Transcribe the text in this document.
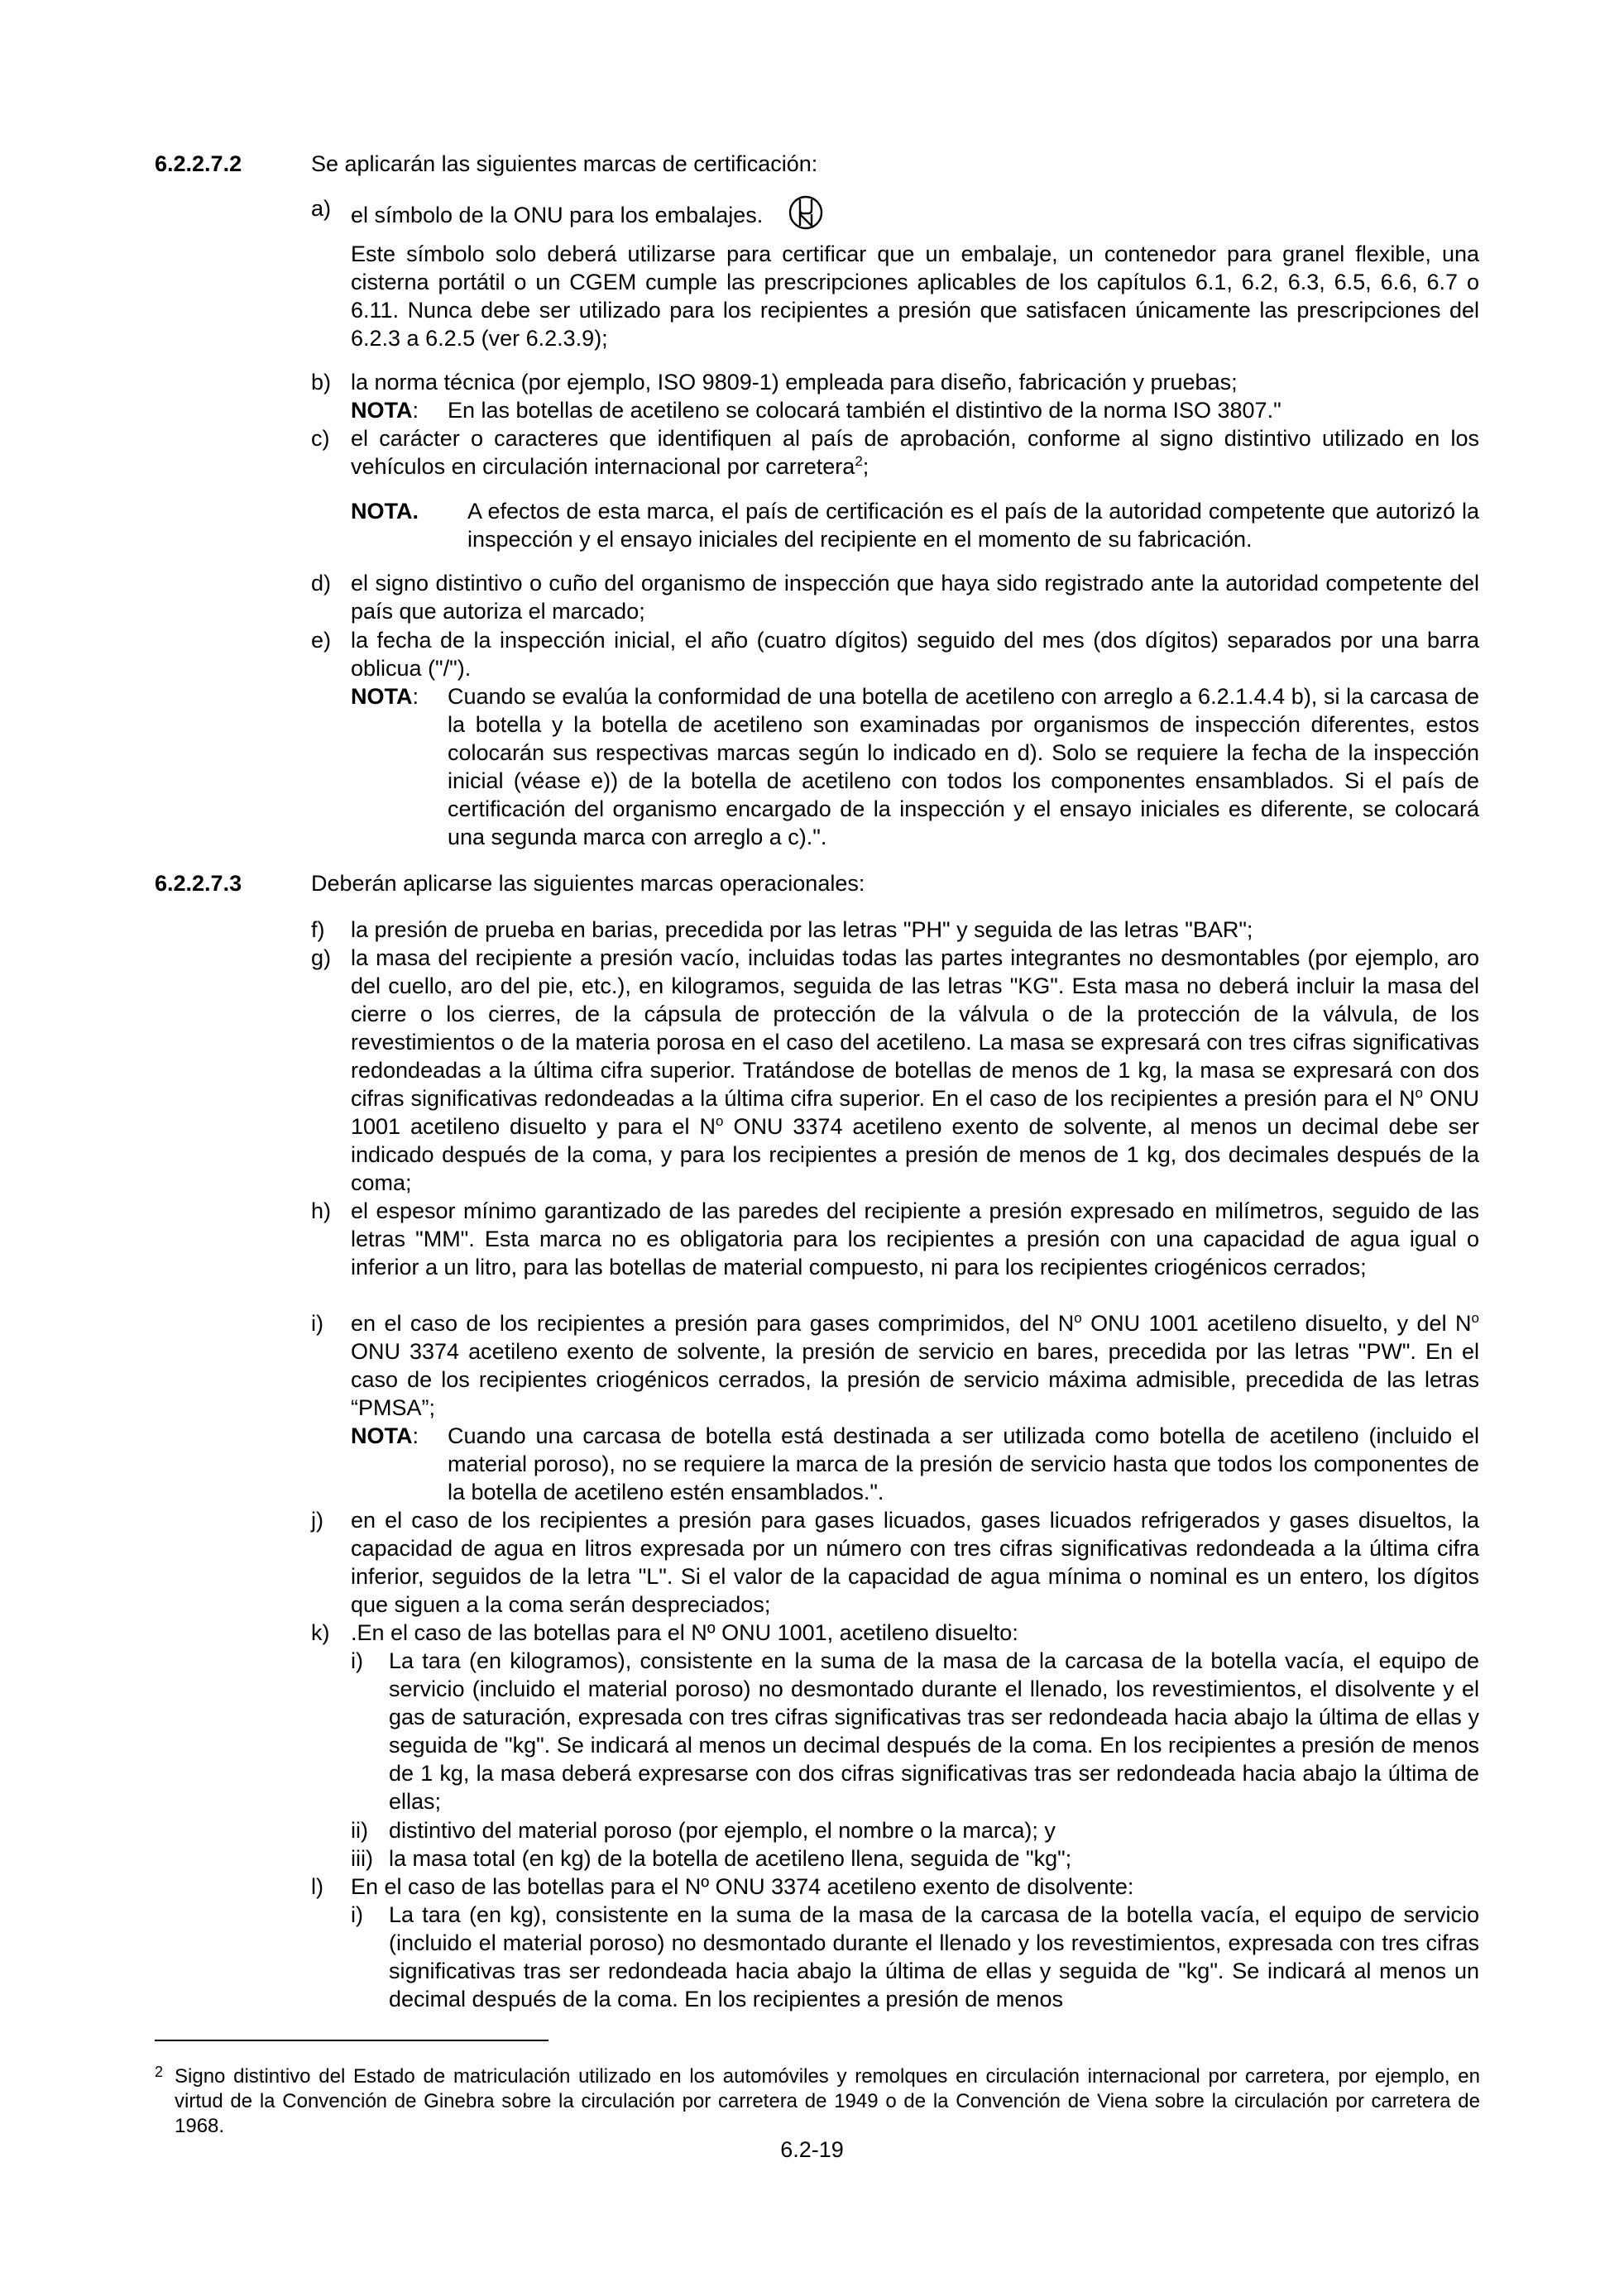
6.2.2.7.2	Se aplicarán las siguientes marcas de certificación:
a) el símbolo de la ONU para los embalajes.

Este símbolo solo deberá utilizarse para certificar que un embalaje, un contenedor para granel flexible, una cisterna portátil o un CGEM cumple las prescripciones aplicables de los capítulos 6.1, 6.2, 6.3, 6.5, 6.6, 6.7 o 6.11. Nunca debe ser utilizado para los recipientes a presión que satisfacen únicamente las prescripciones del 6.2.3 a 6.2.5 (ver 6.2.3.9);

b) la norma técnica (por ejemplo, ISO 9809-1) empleada para diseño, fabricación y pruebas;

NOTA: En las botellas de acetileno se colocará también el distintivo de la norma ISO 3807."

c) el carácter o caracteres que identifiquen al país de aprobación, conforme al signo distintivo utilizado en los vehículos en circulación internacional por carretera$^2$;

NOTA. A efectos de esta marca, el país de certificación es el país de la autoridad competente que autorizó la inspección y el ensayo iniciales del recipiente en el momento de su fabricación.

d) el signo distintivo o cuño del organismo de inspección que haya sido registrado ante la autoridad competente del país que autoriza el marcado;

e) la fecha de la inspección inicial, el año (cuatro dígitos) seguido del mes (dos dígitos) separados por una barra oblicua ("/").

NOTA: Cuando se evalúa la conformidad de una botella de acetileno con arreglo a 6.2.1.4.4 b), si la carcasa de la botella y la botella de acetileno son examinadas por organismos de inspección diferentes, estos colocarán sus respectivas marcas según lo indicado en d). Solo se requiere la fecha de la inspección inicial (véase e)) de la botella de acetileno con todos los componentes ensamblados. Si el país de certificación del organismo encargado de la inspección y el ensayo iniciales es diferente, se colocará una segunda marca con arreglo a c).".

6.2.2.7.3	Deberán aplicarse las siguientes marcas operacionales:
f)	la presión de prueba en barias, precedida por las letras "PH" y seguida de las letras "BAR";

g) la masa del recipiente a presión vacío, incluidas todas las partes integrantes no desmontables (por ejemplo, aro del cuello, aro del pie, etc.), en kilogramos, seguida de las letras "KG". Esta masa no deberá incluir la masa del cierre o los cierres, de la cápsula de protección de la válvula o de la protección de la válvula, de los revestimientos o de la materia porosa en el caso del acetileno. La masa se expresará con tres cifras significativas redondeadas a la última cifra superior. Tratándose de botellas de menos de 1 kg, la masa se expresará con dos cifras significativas redondeadas a la última cifra superior. En el caso de los recipientes a presión para el $N^o$ ONU 1001 acetileno disuelto y para el $N^o$ ONU 3374 acetileno exento de solvente, al menos un decimal debe ser indicado después de la coma, y para los recipientes a presión de menos de 1 kg, dos decimales después de la coma;

h) el espesor mínimo garantizado de las paredes del recipiente a presión expresado en milímetros, seguido de las letras "MM". Esta marca no es obligatoria para los recipientes a presión con una capacidad de agua igual o inferior a un litro, para las botellas de material compuesto, ni para los recipientes criogénicos cerrados;

i)	en el caso de los recipientes a presión para gases comprimidos, del $N^o$ ONU 1001 acetileno disuelto, y del $N^o$ ONU 3374 acetileno exento de solvente, la presión de servicio en bares, precedida por las letras "PW". En el caso de los recipientes criogénicos cerrados, la presión de servicio máxima admisible, precedida de las letras “PMSA”;

NOTA: Cuando una carcasa de botella está destinada a ser utilizada como botella de acetileno (incluido el material poroso), no se requiere la marca de la presión de servicio hasta que todos los componentes de la botella de acetileno estén ensamblados.".

j)	en el caso de los recipientes a presión para gases licuados, gases licuados refrigerados y gases disueltos, la capacidad de agua en litros expresada por un número con tres cifras significativas redondeada a la última cifra inferior, seguidos de la letra "L". Si el valor de la capacidad de agua mínima o nominal es un entero, los dígitos que siguen a la coma serán despreciados;

k) .En el caso de las botellas para el Nº ONU 1001, acetileno disuelto:

i)	La tara (en kilogramos), consistente en la suma de la masa de la carcasa de la botella vacía, el equipo de servicio (incluido el material poroso) no desmontado durante el llenado, los revestimientos, el disolvente y el gas de saturación, expresada con tres cifras significativas tras ser redondeada hacia abajo la última de ellas y seguida de "kg". Se indicará al menos un decimal después de la coma. En los recipientes a presión de menos de 1 kg, la masa deberá expresarse con dos cifras significativas tras ser redondeada hacia abajo la última de ellas;

ii) distintivo del material poroso (por ejemplo, el nombre o la marca); y

iii) la masa total (en kg) de la botella de acetileno llena, seguida de "kg";

l)	En el caso de las botellas para el Nº ONU 3374 acetileno exento de disolvente:

i)	La tara (en kg), consistente en la suma de la masa de la carcasa de la botella vacía, el equipo de servicio (incluido el material poroso) no desmontado durante el llenado y los revestimientos, expresada con tres cifras significativas tras ser redondeada hacia abajo la última de ellas y seguida de "kg". Se indicará al menos un decimal después de la coma. En los recipientes a presión de menos

2 Signo distintivo del Estado de matriculación utilizado en los automóviles y remolques en circulación internacional por carretera, por ejemplo, en virtud de la Convención de Ginebra sobre la circulación por carretera de 1949 o de la Convención de Viena sobre la circulación por carretera de 1968.

6.2-19
